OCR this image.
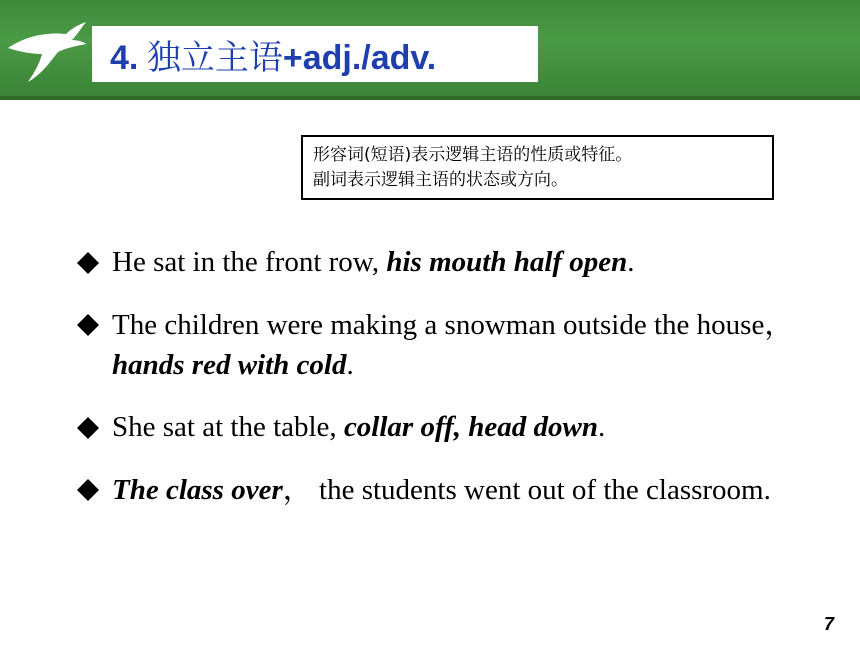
4. 独立主语+adj./adv.
形容词(短语)表示逻辑主语的性质或特征。
副词表示逻辑主语的状态或方向。
He sat in the front row, his mouth half open.
The children were making a snowman outside the house，hands red with cold.
She sat at the table, collar off, head down.
The class over， the students went out of the classroom.
7
